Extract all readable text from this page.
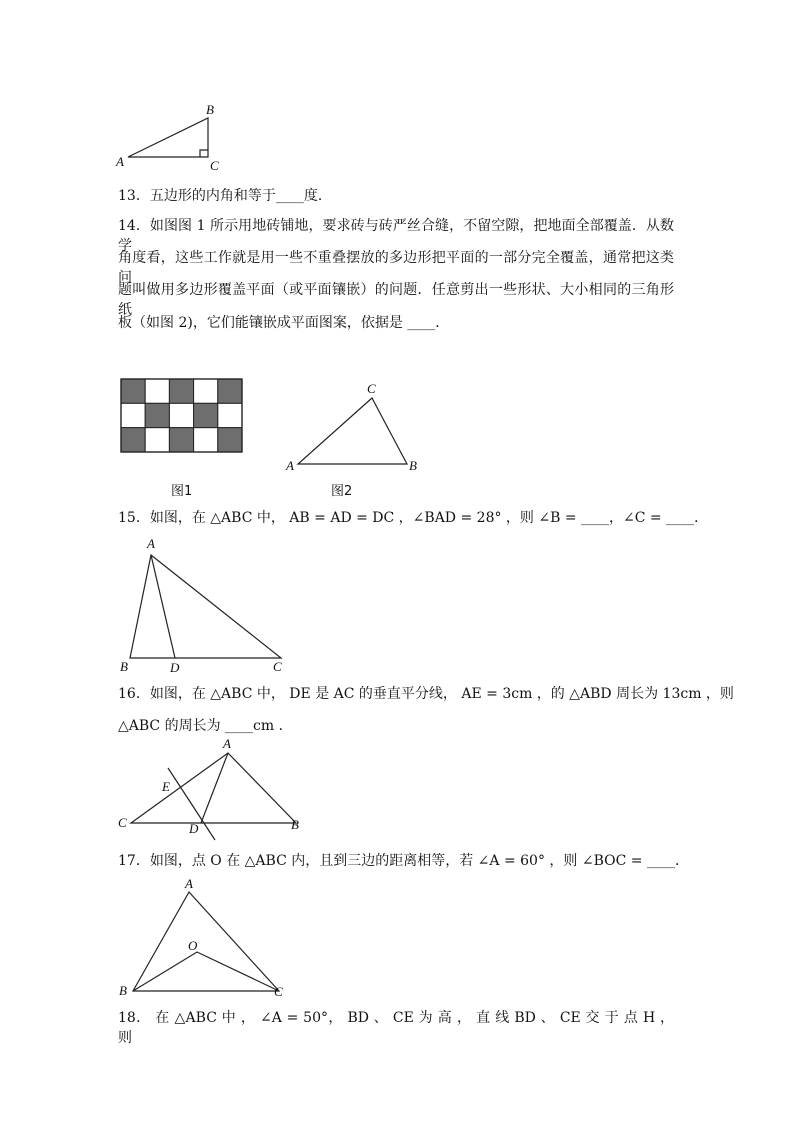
B
A	C
13．五边形的内角和等于____度．
14．如图图 1 所示用地砖铺地，要求砖与砖严丝合缝，不留空隙，把地面全部覆盖．从数学
角度看，这些工作就是用一些不重叠摆放的多边形把平面的一部分完全覆盖，通常把这类问
题叫做用多边形覆盖平面（或平面镶嵌）的问题．任意剪出一些形状、大小相同的三角形纸
板（如图 2)，它们能镶嵌成平面图案，依据是 ____．
图1
C
A	B
图2
15．如图，在 △ABC 中， AB = AD = DC ，∠BAD = 28° ，则 ∠B = ____，∠C = ____．
A
B	D	C
16．如图，在 △ABC 中， DE 是 AC 的垂直平分线， AE = 3cm ，的 △ABD 周长为 13cm ，则
△ABC 的周长为 ____cm ．
A
E
C	D	B
17．如图，点 O 在 △ABC 内，且到三边的距离相等，若 ∠A = 60° ，则 ∠BOC = ____．
A
O
B	C
18． 在 △ABC 中 ， ∠A = 50°， BD 、 CE 为 高 ， 直 线 BD 、 CE 交 于 点 H ， 则
